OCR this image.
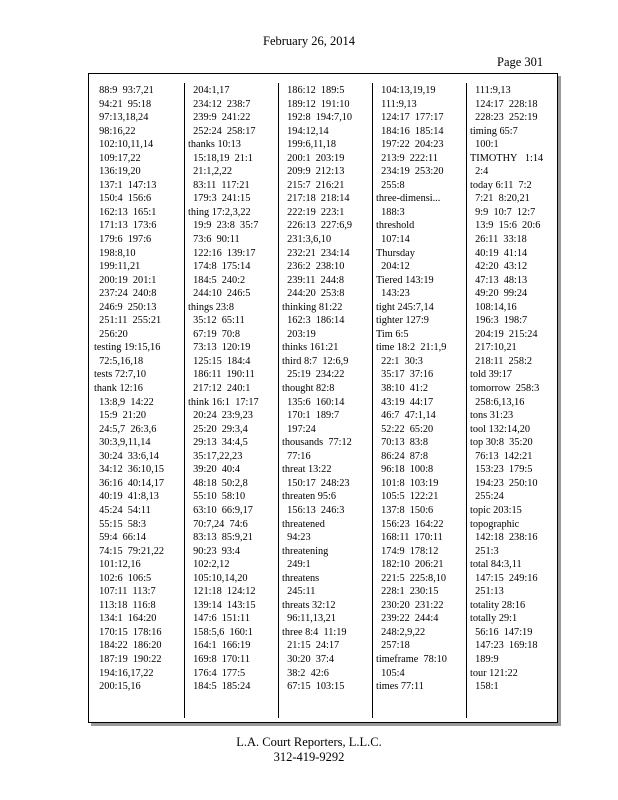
February 26, 2014
Page 301
88:9  93:7,21
94:21  95:18
97:13,18,24
98:16,22
102:10,11,14
109:17,22
136:19,20
137:1  147:13
150:4  156:6
162:13  165:1
171:13  173:6
179:6  197:6
198:8,10
199:11,21
200:19  201:1
237:24  240:8
246:9  250:13
251:11  255:21
256:20
testing 19:15,16
72:5,16,18
tests 72:7,10
thank 12:16
13:8,9  14:22
15:9  21:20
24:5,7  26:3,6
30:3,9,11,14
30:24  33:6,14
34:12  36:10,15
36:16  40:14,17
40:19  41:8,13
45:24  54:11
55:15  58:3
59:4  66:14
74:15  79:21,22
101:12,16
102:6  106:5
107:11  113:7
113:18  116:8
134:1  164:20
170:15  178:16
184:22  186:20
187:19  190:22
194:16,17,22
200:15,16
204:1,17
234:12  238:7
239:9  241:22
252:24  258:17
thanks 10:13
15:18,19  21:1
21:1,2,22
83:11  117:21
179:3  241:15
thing 17:2,3,22
19:9  23:8  35:7
73:6  90:11
122:16  139:17
174:8  175:14
184:5  240:2
244:10  246:5
things 23:8
35:12  65:11
67:19  70:8
73:13  120:19
125:15  184:4
186:11  190:11
217:12  240:1
think 16:1  17:17
20:24  23:9,23
25:20  29:3,4
29:13  34:4,5
35:17,22,23
39:20  40:4
48:18  50:2,8
55:10  58:10
63:10  66:9,17
70:7,24  74:6
83:13  85:9,21
90:23  93:4
102:2,12
105:10,14,20
121:18  124:12
139:14  143:15
147:6  151:11
158:5,6  160:1
164:1  166:19
169:8  170:11
176:4  177:5
184:5  185:24
186:12  189:5
189:12  191:10
192:8  194:7,10
194:12,14
199:6,11,18
200:1  203:19
209:9  212:13
215:7  216:21
217:18  218:14
222:19  223:1
226:13  227:6,9
231:3,6,10
232:21  234:14
236:2  238:10
239:11  244:8
244:20  253:8
thinking 81:22
162:3  186:14
203:19
thinks 161:21
third 8:7  12:6,9
25:19  234:22
thought 82:8
135:6  160:14
170:1  189:7
197:24
thousands  77:12
77:16
threat 13:22
150:17  248:23
threaten 95:6
156:13  246:3
threatened
94:23
threatening
249:1
threatens
245:11
threats 32:12
96:11,13,21
three 8:4  11:19
21:15  24:17
30:20  37:4
38:2  42:6
67:15  103:15
104:13,19,19
111:9,13
124:17  177:17
184:16  185:14
197:22  204:23
213:9  222:11
234:19  253:20
255:8
three-dimensi...
188:3
threshold
107:14
Thursday
204:12
Tiered 143:19
143:23
tight 245:7,14
tighter 127:9
Tim 6:5
time 18:2  21:1,9
22:1  30:3
35:17  37:16
38:10  41:2
43:19  44:17
46:7  47:1,14
52:22  65:20
70:13  83:8
86:24  87:8
96:18  100:8
101:8  103:19
105:5  122:21
137:8  150:6
156:23  164:22
168:11  170:11
174:9  178:12
182:10  206:21
221:5  225:8,10
228:1  230:15
230:20  231:22
239:22  244:4
248:2,9,22
257:18
timeframe  78:10
105:4
times 77:11
111:9,13
124:17  228:18
228:23  252:19
timing 65:7
100:1
TIMOTHY   1:14
2:4
today 6:11  7:2
7:21  8:20,21
9:9  10:7  12:7
13:9  15:6  20:6
26:11  33:18
40:19  41:14
42:20  43:12
47:13  48:13
49:20  99:24
108:14,16
196:3  198:7
204:19  215:24
217:10,21
218:11  258:2
told 39:17
tomorrow  258:3
258:6,13,16
tons 31:23
tool 132:14,20
top 30:8  35:20
76:13  142:21
153:23  179:5
194:23  250:10
255:24
topic 203:15
topographic
142:18  238:16
251:3
total 84:3,11
147:15  249:16
251:13
totality 28:16
totally 29:1
56:16  147:19
147:23  169:18
189:9
tour 121:22
158:1
L.A. Court Reporters, L.L.C.
312-419-9292
